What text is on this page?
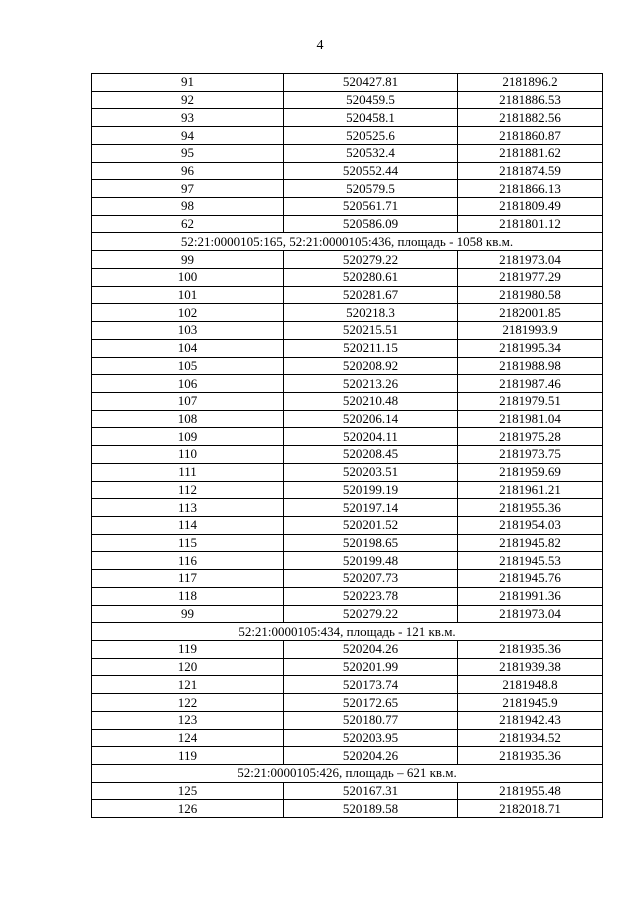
4
91	520427.81	2181896.2
92	520459.5	2181886.53
93	520458.1	2181882.56
94	520525.6	2181860.87
95	520532.4	2181881.62
96	520552.44	2181874.59
97	520579.5	2181866.13
98	520561.71	2181809.49
62	520586.09	2181801.12
52:21:0000105:165, 52:21:0000105:436, площадь - 1058 кв.м.		
99	520279.22	2181973.04
100	520280.61	2181977.29
101	520281.67	2181980.58
102	520218.3	2182001.85
103	520215.51	2181993.9
104	520211.15	2181995.34
105	520208.92	2181988.98
106	520213.26	2181987.46
107	520210.48	2181979.51
108	520206.14	2181981.04
109	520204.11	2181975.28
110	520208.45	2181973.75
111	520203.51	2181959.69
112	520199.19	2181961.21
113	520197.14	2181955.36
114	520201.52	2181954.03
115	520198.65	2181945.82
116	520199.48	2181945.53
117	520207.73	2181945.76
118	520223.78	2181991.36
99	520279.22	2181973.04
52:21:0000105:434, площадь - 121 кв.м.		
119	520204.26	2181935.36
120	520201.99	2181939.38
121	520173.74	2181948.8
122	520172.65	2181945.9
123	520180.77	2181942.43
124	520203.95	2181934.52
119	520204.26	2181935.36
52:21:0000105:426, площадь – 621 кв.м.		
125	520167.31	2181955.48
126	520189.58	2182018.71
